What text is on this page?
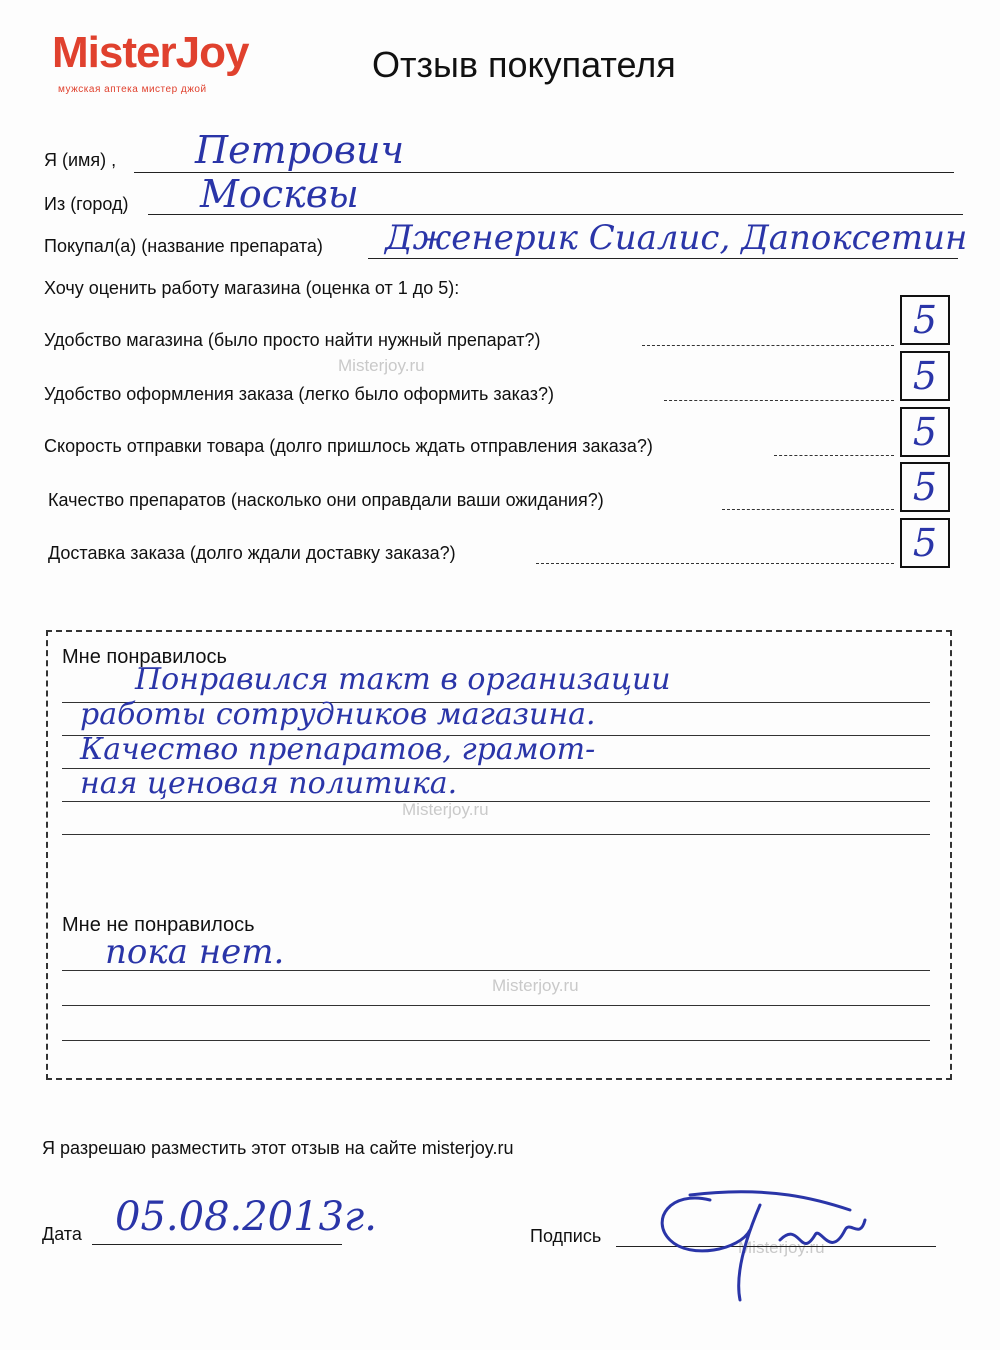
MisterJoy
мужская аптека мистер джой
Отзыв покупателя
Я (имя) , Петрович
Из (город) Москвы
Покупал(а) (название препарата) Дженерик Сиалис, Дапоксетин
Хочу оценить работу магазина (оценка от 1 до 5):
Удобство магазина (было просто найти нужный препарат?)	5
Удобство оформления заказа (легко было оформить заказ?)	5
Скорость отправки товара (долго пришлось ждать отправления заказа?)	5
Качество препаратов (насколько они оправдали ваши ожидания?)	5
Доставка заказа (долго ждали доставку заказа?)	5
Мне понравилось
Понравился такт в организации
работы сотрудников магазина.
Качество препаратов, грамот-
ная ценовая политика.
Мне не понравилось
пока нет.
Misterjoy.ru
Misterjoy.ru
Misterjoy.ru
Misterjoy.ru
Я разрешаю разместить этот отзыв на сайте misterjoy.ru
Дата 05.08.2013г.	Подпись
